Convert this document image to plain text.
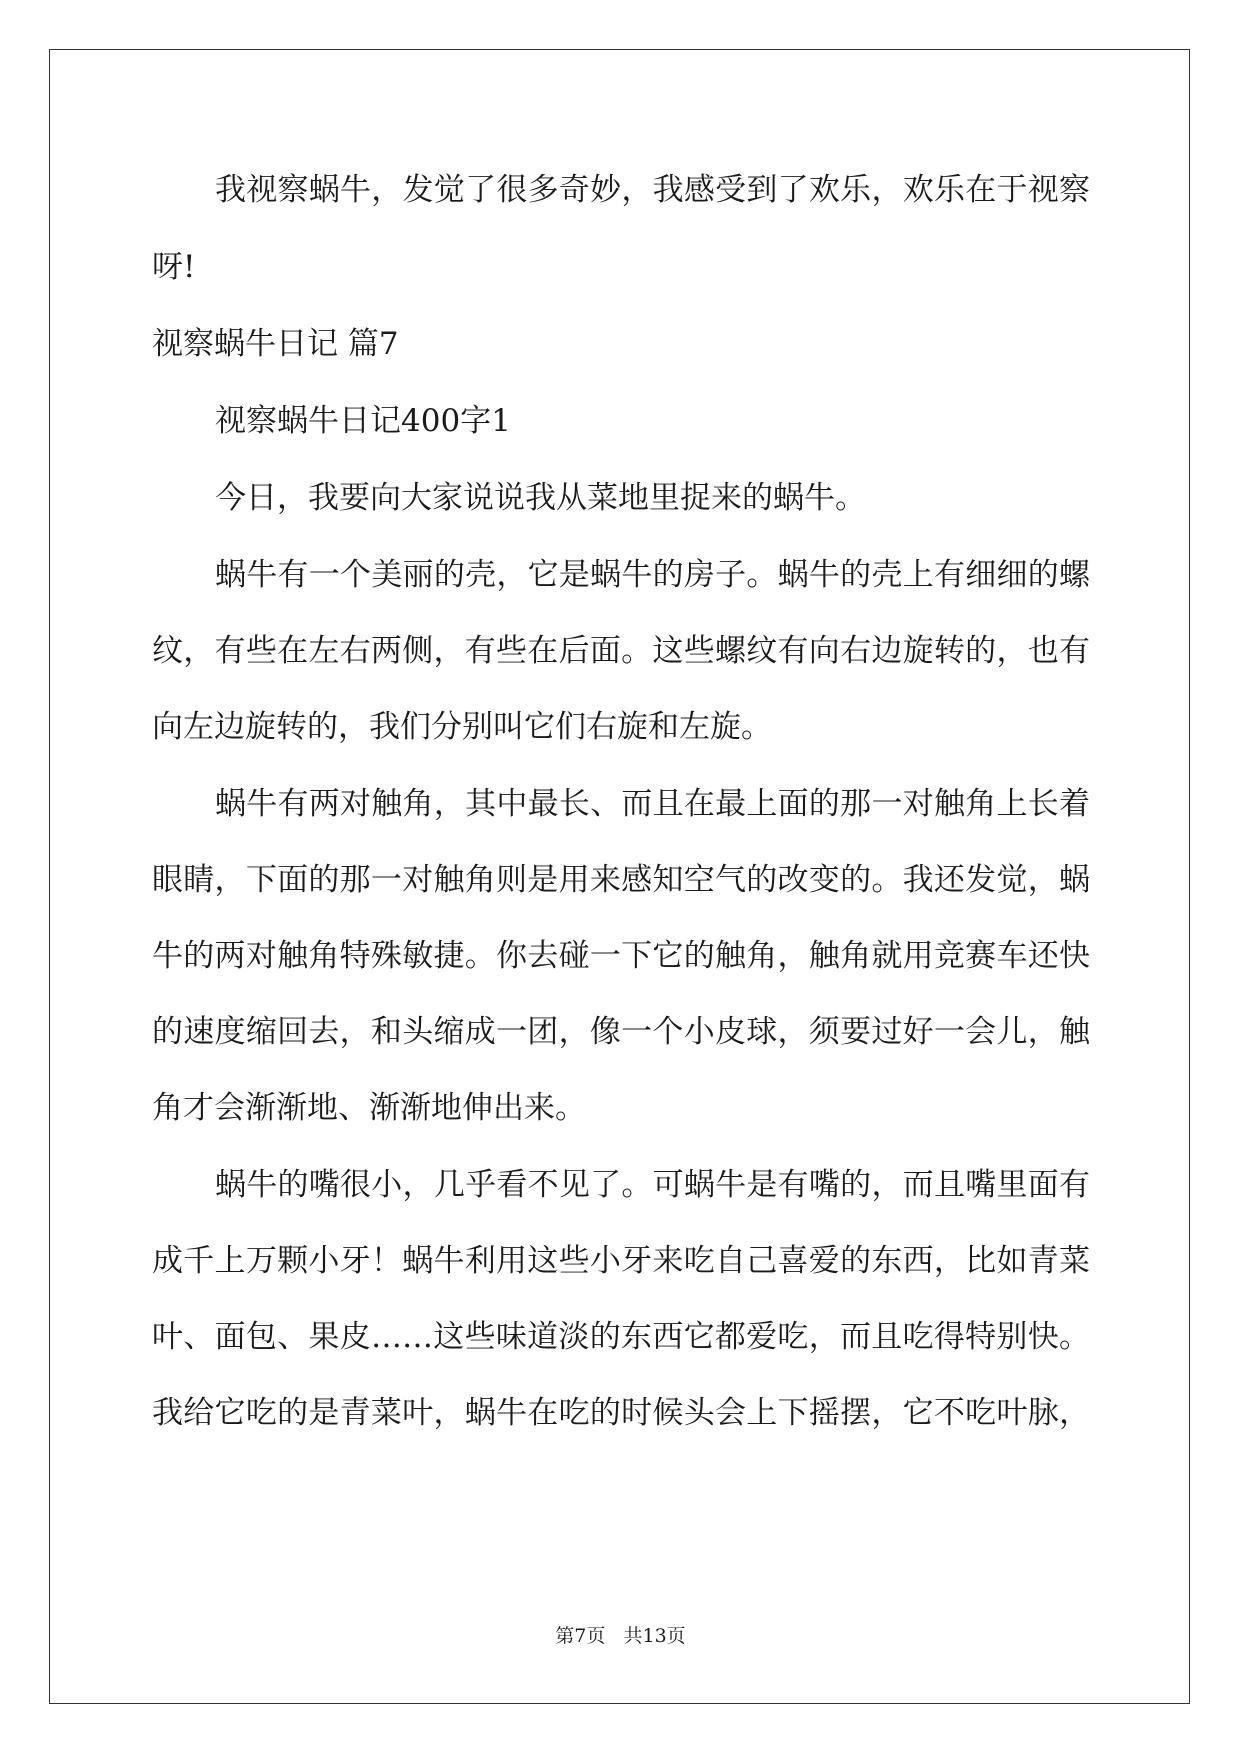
我视察蜗牛，发觉了很多奇妙，我感受到了欢乐，欢乐在于视察
呀!
视察蜗牛日记 篇7
视察蜗牛日记400字1
今日，我要向大家说说我从菜地里捉来的蜗牛。
蜗牛有一个美丽的壳，它是蜗牛的房子。蜗牛的壳上有细细的螺
纹，有些在左右两侧，有些在后面。这些螺纹有向右边旋转的，也有
向左边旋转的，我们分别叫它们右旋和左旋。
蜗牛有两对触角，其中最长、而且在最上面的那一对触角上长着
眼睛，下面的那一对触角则是用来感知空气的改变的。我还发觉，蜗
牛的两对触角特殊敏捷。你去碰一下它的触角，触角就用竞赛车还快
的速度缩回去，和头缩成一团，像一个小皮球，须要过好一会儿，触
角才会渐渐地、渐渐地伸出来。
蜗牛的嘴很小，几乎看不见了。可蜗牛是有嘴的，而且嘴里面有
成千上万颗小牙！蜗牛利用这些小牙来吃自己喜爱的东西，比如青菜
叶、面包、果皮……这些味道淡的东西它都爱吃，而且吃得特别快。
我给它吃的是青菜叶，蜗牛在吃的时候头会上下摇摆，它不吃叶脉，
第7页   共13页
